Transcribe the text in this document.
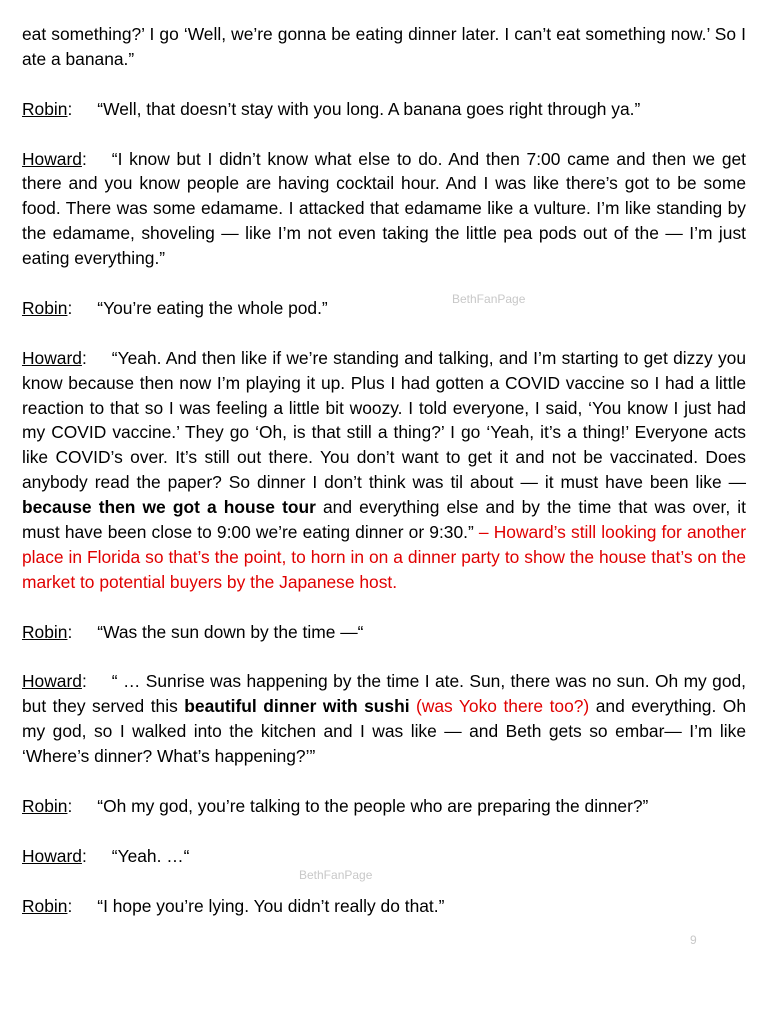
eat something?’ I go ‘Well, we’re gonna be eating dinner later. I can’t eat something now.’ So I ate a banana.”

Robin: “Well, that doesn’t stay with you long. A banana goes right through ya.”

Howard: “I know but I didn’t know what else to do. And then 7:00 came and then we get there and you know people are having cocktail hour. And I was like there’s got to be some food. There was some edamame. I attacked that edamame like a vulture. I’m like standing by the edamame, shoveling — like I’m not even taking the little pea pods out of the — I’m just eating everything.”

Robin: “You’re eating the whole pod.”

Howard: “Yeah. And then like if we’re standing and talking, and I’m starting to get dizzy you know because then now I’m playing it up. Plus I had gotten a COVID vaccine so I had a little reaction to that so I was feeling a little bit woozy. I told everyone, I said, ‘You know I just had my COVID vaccine.’ They go ‘Oh, is that still a thing?’ I go ‘Yeah, it’s a thing!’ Everyone acts like COVID’s over. It’s still out there. You don’t want to get it and not be vaccinated. Does anybody read the paper? So dinner I don’t think was til about — it must have been like — because then we got a house tour and everything else and by the time that was over, it must have been close to 9:00 we’re eating dinner or 9:30.” – Howard’s still looking for another place in Florida so that’s the point, to horn in on a dinner party to show the house that’s on the market to potential buyers by the Japanese host.

Robin: “Was the sun down by the time —“

Howard: “ … Sunrise was happening by the time I ate. Sun, there was no sun. Oh my god, but they served this beautiful dinner with sushi (was Yoko there too?) and everything. Oh my god, so I walked into the kitchen and I was like — and Beth gets so embar— I’m like ‘Where’s dinner? What’s happening?’”

Robin: “Oh my god, you’re talking to the people who are preparing the dinner?”

Howard: “Yeah. …“

Robin: “I hope you’re lying. You didn’t really do that.”

BethFanPage
BethFanPage
9
